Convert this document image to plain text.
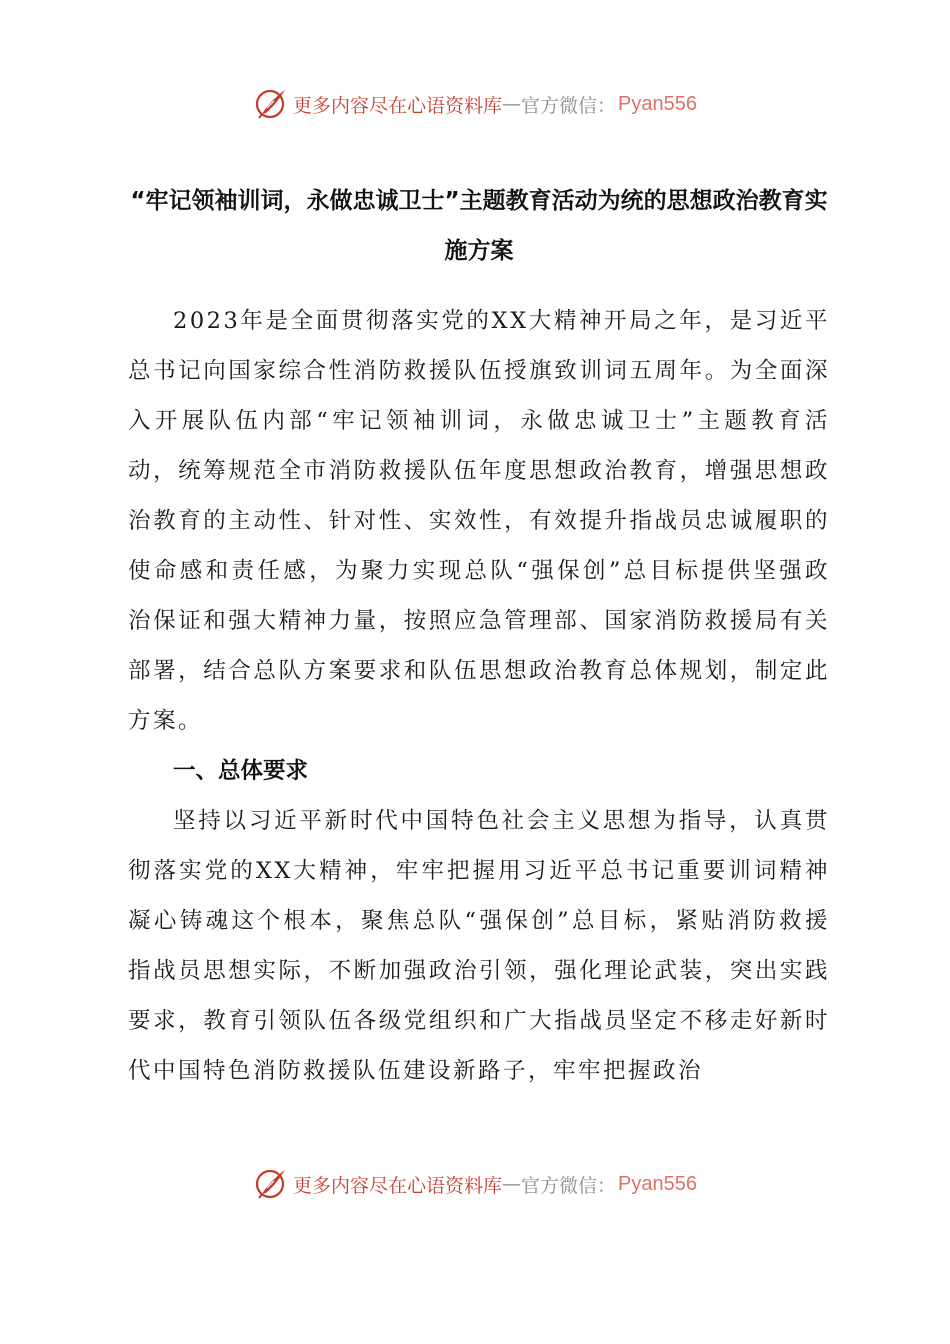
更多内容尽在心语资料库 — 官方微信： Pyan556
“牢记领袖训词，永做忠诚卫士”主题教育活动为统的思想政治教育实施方案

2023年是全面贯彻落实党的XX大精神开局之年，是习近平总书记向国家综合性消防救援队伍授旗致训词五周年。为全面深入开展队伍内部“牢记领袖训词，永做忠诚卫士”主题教育活动，统筹规范全市消防救援队伍年度思想政治教育，增强思想政治教育的主动性、针对性、实效性，有效提升指战员忠诚履职的使命感和责任感，为聚力实现总队“强保创”总目标提供坚强政治保证和强大精神力量，按照应急管理部、国家消防救援局有关部署，结合总队方案要求和队伍思想政治教育总体规划，制定此方案。

一、总体要求

坚持以习近平新时代中国特色社会主义思想为指导，认真贯彻落实党的XX大精神，牢牢把握用习近平总书记重要训词精神凝心铸魂这个根本，聚焦总队“强保创”总目标，紧贴消防救援指战员思想实际，不断加强政治引领，强化理论武装，突出实践要求，教育引领队伍各级党组织和广大指战员坚定不移走好新时代中国特色消防救援队伍建设新路子，牢牢把握政治

更多内容尽在心语资料库 — 官方微信： Pyan556
